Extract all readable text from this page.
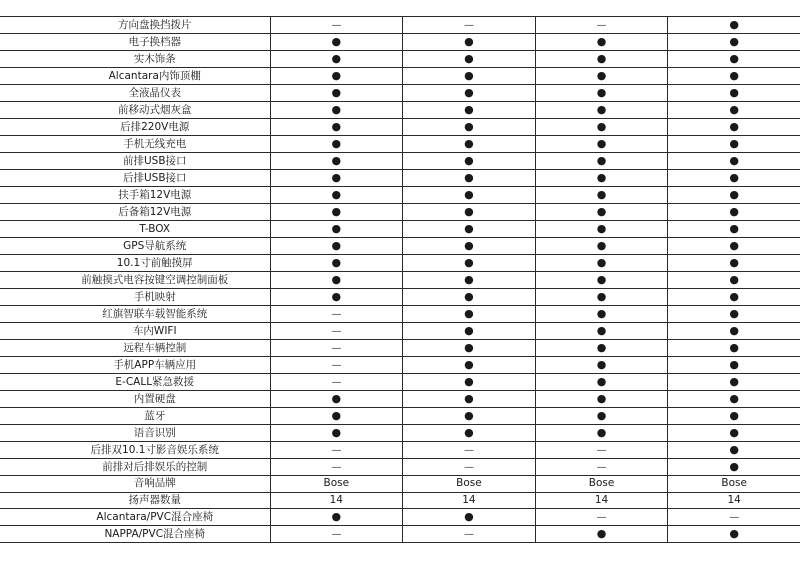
方向盘换挡拨片	—	—	—	●
电子换档器	●	●	●	●
实木饰条	●	●	●	●
Alcantara内饰顶棚	●	●	●	●
全液晶仪表	●	●	●	●
前移动式烟灰盒	●	●	●	●
后排220V电源	●	●	●	●
手机无线充电	●	●	●	●
前排USB接口	●	●	●	●
后排USB接口	●	●	●	●
扶手箱12V电源	●	●	●	●
后备箱12V电源	●	●	●	●
T-BOX	●	●	●	●
GPS导航系统	●	●	●	●
10.1寸前触摸屏	●	●	●	●
前触摸式电容按键空调控制面板	●	●	●	●
手机映射	●	●	●	●
红旗智联车载智能系统	—	●	●	●
车内WIFI	—	●	●	●
远程车辆控制	—	●	●	●
手机APP车辆应用	—	●	●	●
E-CALL紧急救援	—	●	●	●
内置硬盘	●	●	●	●
蓝牙	●	●	●	●
语音识别	●	●	●	●
后排双10.1寸影音娱乐系统	—	—	—	●
前排对后排娱乐的控制	—	—	—	●
音响品牌	Bose	Bose	Bose	Bose
扬声器数量	14	14	14	14
Alcantara/PVC混合座椅	●	●	—	—
NAPPA/PVC混合座椅	—	—	●	●
